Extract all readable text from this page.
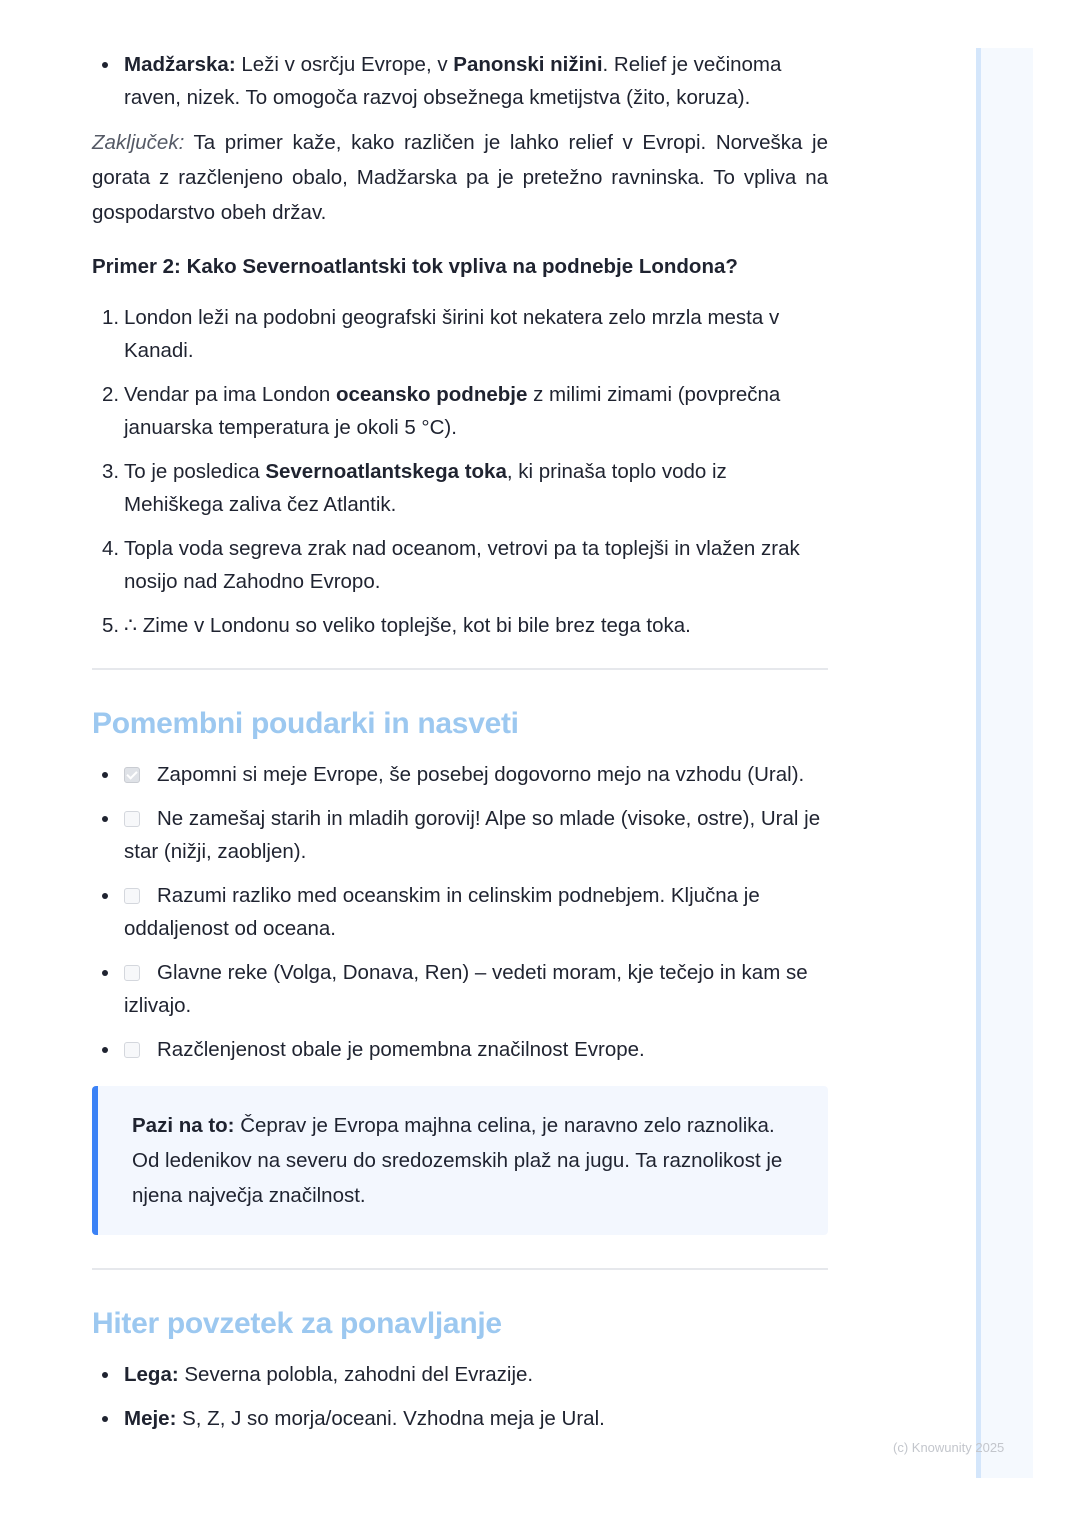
Madžarska: Leži v osrčju Evrope, v Panonski nižini. Relief je večinoma raven, nizek. To omogoča razvoj obsežnega kmetijstva (žito, koruza).

Zaključek: Ta primer kaže, kako različen je lahko relief v Evropi. Norveška je gorata z razčlenjeno obalo, Madžarska pa je pretežno ravninska. To vpliva na gospodarstvo obeh držav.

Primer 2: Kako Severnoatlantski tok vpliva na podnebje Londona?

1. London leži na podobni geografski širini kot nekatera zelo mrzla mesta v Kanadi.
2. Vendar pa ima London oceansko podnebje z milimi zimami (povprečna januarska temperatura je okoli 5 °C).
3. To je posledica Severnoatlantskega toka, ki prinaša toplo vodo iz Mehiškega zaliva čez Atlantik.
4. Topla voda segreva zrak nad oceanom, vetrovi pa ta toplejši in vlažen zrak nosijo nad Zahodno Evropo.
5. ∴ Zime v Londonu so veliko toplejše, kot bi bile brez tega toka.
Pomembni poudarki in nasveti
Zapomni si meje Evrope, še posebej dogovorno mejo na vzhodu (Ural).
Ne zamešaj starih in mladih gorovij! Alpe so mlade (visoke, ostre), Ural je star (nižji, zaobljen).
Razumi razliko med oceanskim in celinskim podnebjem. Ključna je oddaljenost od oceana.
Glavne reke (Volga, Donava, Ren) – vedeti moram, kje tečejo in kam se izlivajo.
Razčlenjenost obale je pomembna značilnost Evrope.
Pazi na to: Čeprav je Evropa majhna celina, je naravno zelo raznolika. Od ledenikov na severu do sredozemskih plaž na jugu. Ta raznolikost je njena največja značilnost.
Hiter povzetek za ponavljanje
Lega: Severna polobla, zahodni del Evrazije.
Meje: S, Z, J so morja/oceani. Vzhodna meja je Ural.
(c) Knowunity 2025
